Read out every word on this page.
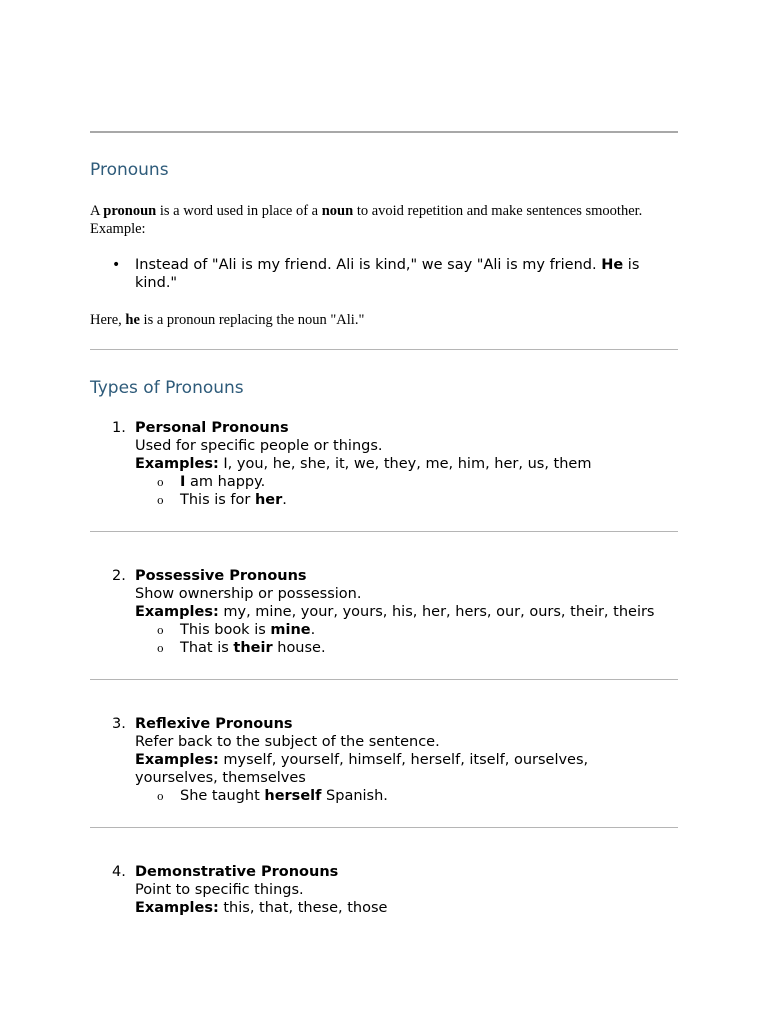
Pronouns

A pronoun is a word used in place of a noun to avoid repetition and make sentences smoother.
Example:

• Instead of "Ali is my friend. Ali is kind," we say "Ali is my friend. He is kind."

Here, he is a pronoun replacing the noun "Ali."

Types of Pronouns
1. Personal Pronouns
Used for specific people or things.
Examples: I, you, he, she, it, we, they, me, him, her, us, them
o I am happy.
o This is for her.
2. Possessive Pronouns
Show ownership or possession.
Examples: my, mine, your, yours, his, her, hers, our, ours, their, theirs
o This book is mine.
o That is their house.
3. Reflexive Pronouns
Refer back to the subject of the sentence.
Examples: myself, yourself, himself, herself, itself, ourselves, yourselves, themselves
o She taught herself Spanish.
4. Demonstrative Pronouns
Point to specific things.
Examples: this, that, these, those
